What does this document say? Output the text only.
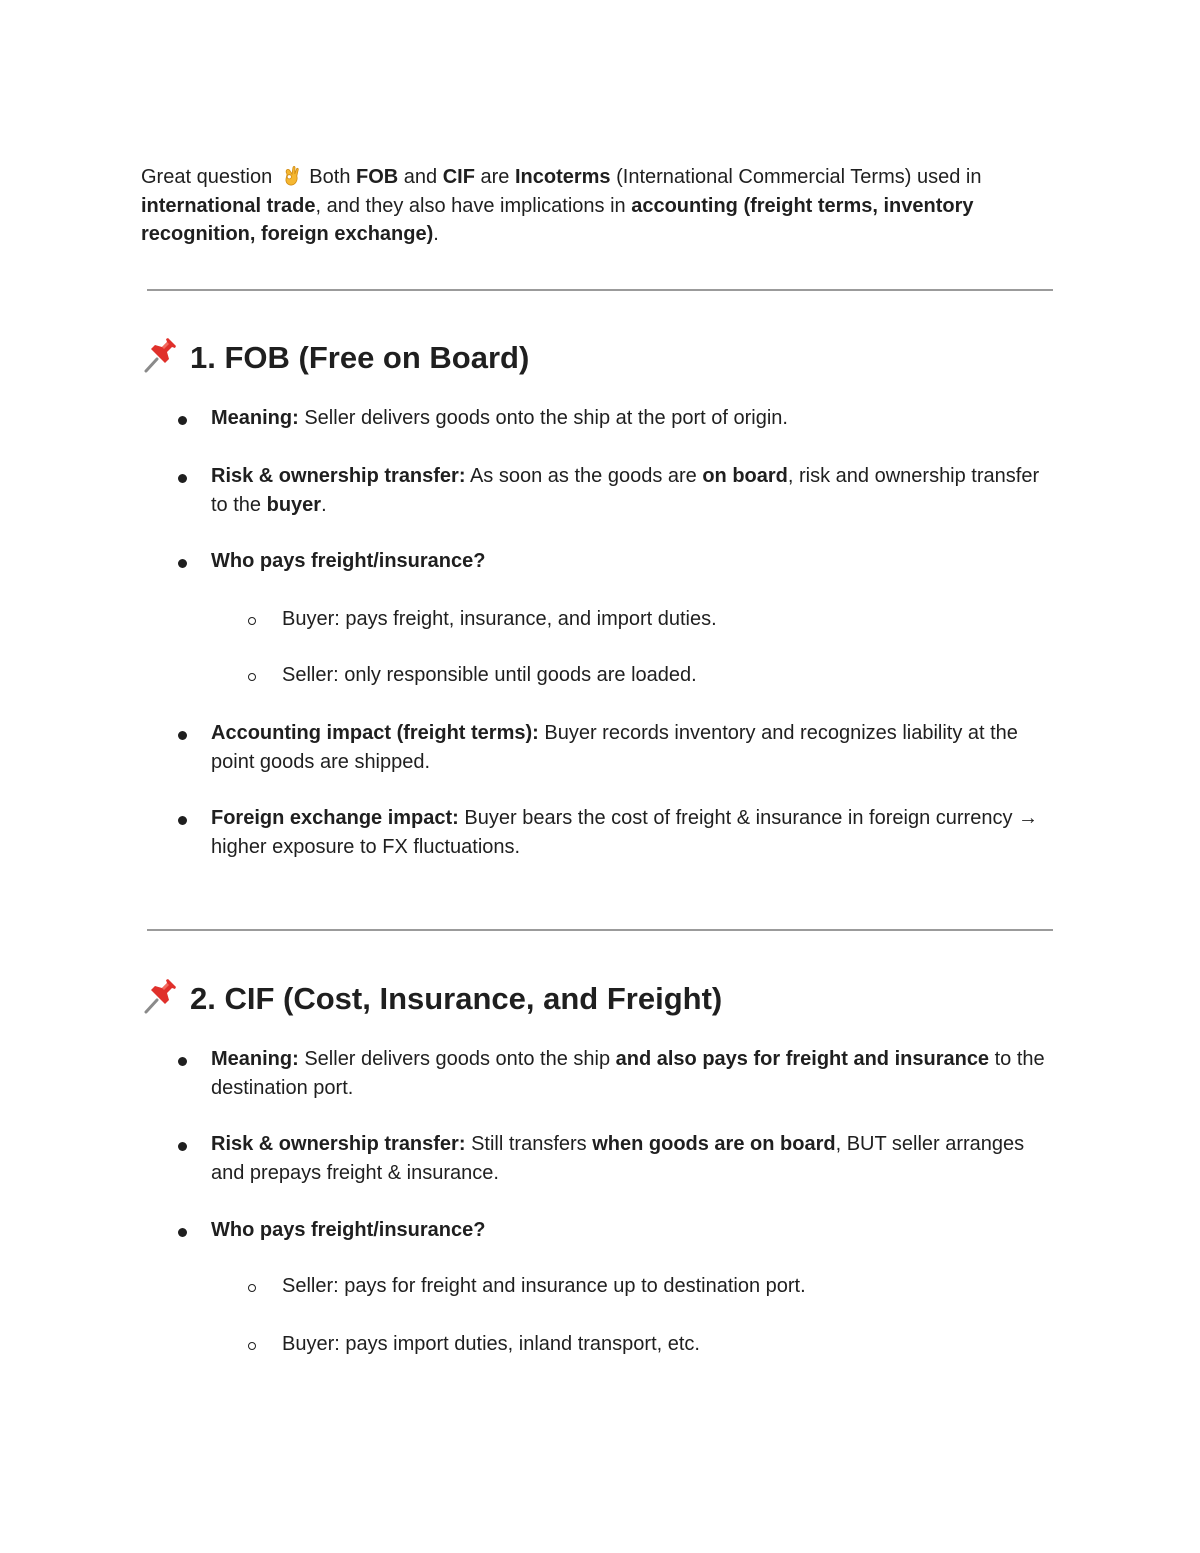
Great question  Both FOB and CIF are Incoterms (International Commercial Terms) used in international trade, and they also have implications in accounting (freight terms, inventory recognition, foreign exchange).

1. FOB (Free on Board)

Meaning: Seller delivers goods onto the ship at the port of origin.

Risk & ownership transfer: As soon as the goods are on board, risk and ownership transfer to the buyer.

Who pays freight/insurance?

Buyer: pays freight, insurance, and import duties.

Seller: only responsible until goods are loaded.

Accounting impact (freight terms): Buyer records inventory and recognizes liability at the point goods are shipped.

Foreign exchange impact: Buyer bears the cost of freight & insurance in foreign currency → higher exposure to FX fluctuations.

2. CIF (Cost, Insurance, and Freight)

Meaning: Seller delivers goods onto the ship and also pays for freight and insurance to the destination port.

Risk & ownership transfer: Still transfers when goods are on board, BUT seller arranges and prepays freight & insurance.

Who pays freight/insurance?

Seller: pays for freight and insurance up to destination port.

Buyer: pays import duties, inland transport, etc.
